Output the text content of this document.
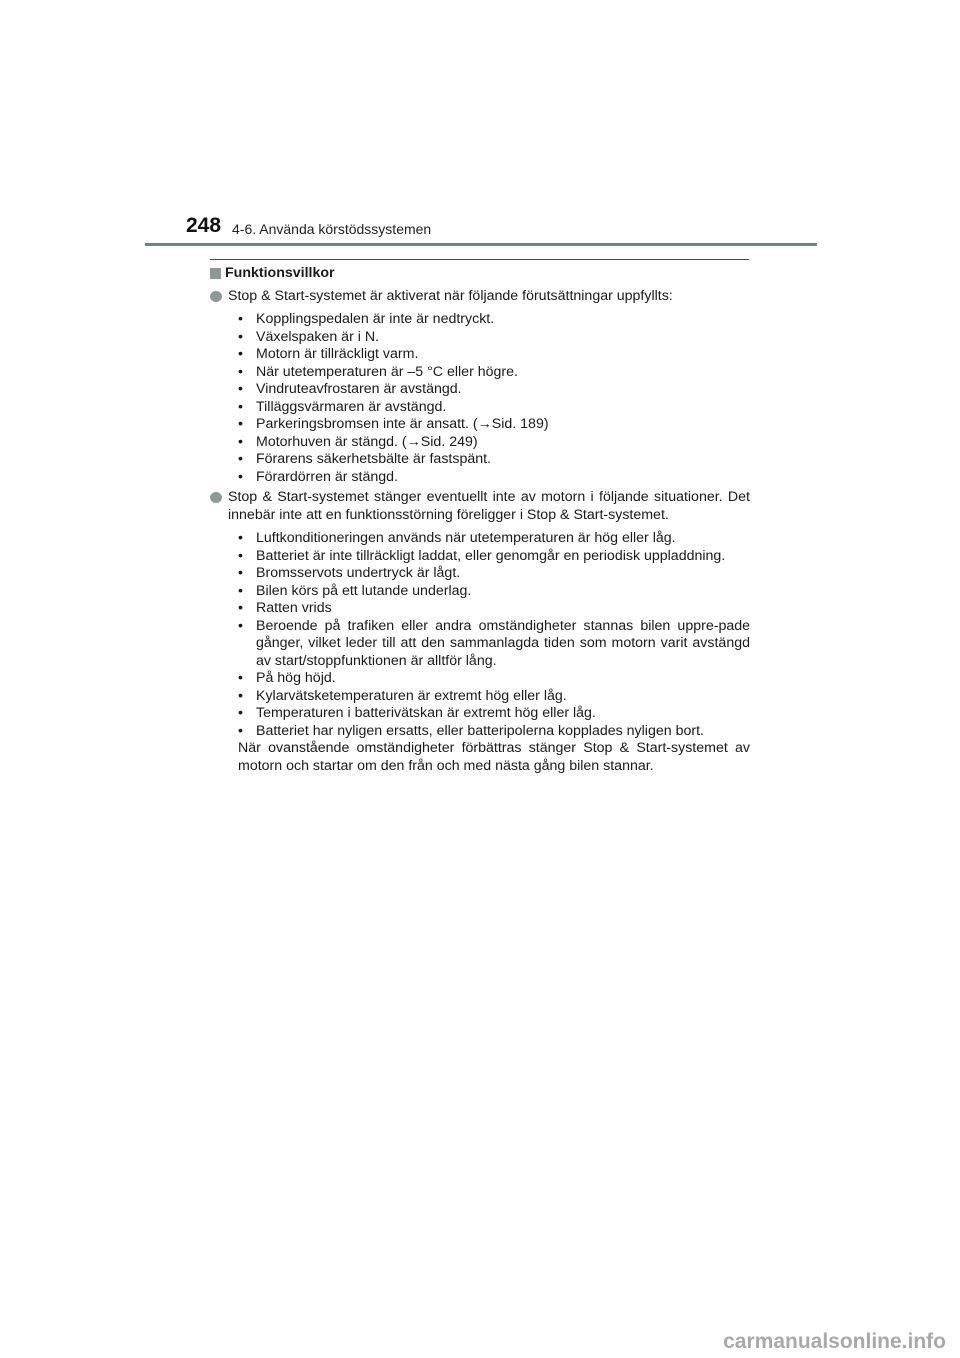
248 4-6. Använda körstödssystemen
Funktionsvillkor
Stop & Start-systemet är aktiverat när följande förutsättningar uppfyllts:
• Kopplingspedalen är inte är nedtryckt.
• Växelspaken är i N.
• Motorn är tillräckligt varm.
• När utetemperaturen är –5 °C eller högre.
• Vindruteavfrostaren är avstängd.
• Tilläggsvärmaren är avstängd.
• Parkeringsbromsen inte är ansatt. (→Sid. 189)
• Motorhuven är stängd. (→Sid. 249)
• Förarens säkerhetsbälte är fastspänt.
• Förardörren är stängd.
Stop & Start-systemet stänger eventuellt inte av motorn i följande situationer. Det innebär inte att en funktionsstörning föreligger i Stop & Start-systemet.
• Luftkonditioneringen används när utetemperaturen är hög eller låg.
• Batteriet är inte tillräckligt laddat, eller genomgår en periodisk uppladdning.
• Bromsservots undertryck är lågt.
• Bilen körs på ett lutande underlag.
• Ratten vrids
• Beroende på trafiken eller andra omständigheter stannas bilen uppre-pade gånger, vilket leder till att den sammanlagda tiden som motorn varit avstängd av start/stoppfunktionen är alltför lång.
• På hög höjd.
• Kylarvätsketemperaturen är extremt hög eller låg.
• Temperaturen i batterivätskan är extremt hög eller låg.
• Batteriet har nyligen ersatts, eller batteripolerna kopplades nyligen bort.
När ovanstående omständigheter förbättras stänger Stop & Start-systemet av motorn och startar om den från och med nästa gång bilen stannar.
carmanualsonline.info
